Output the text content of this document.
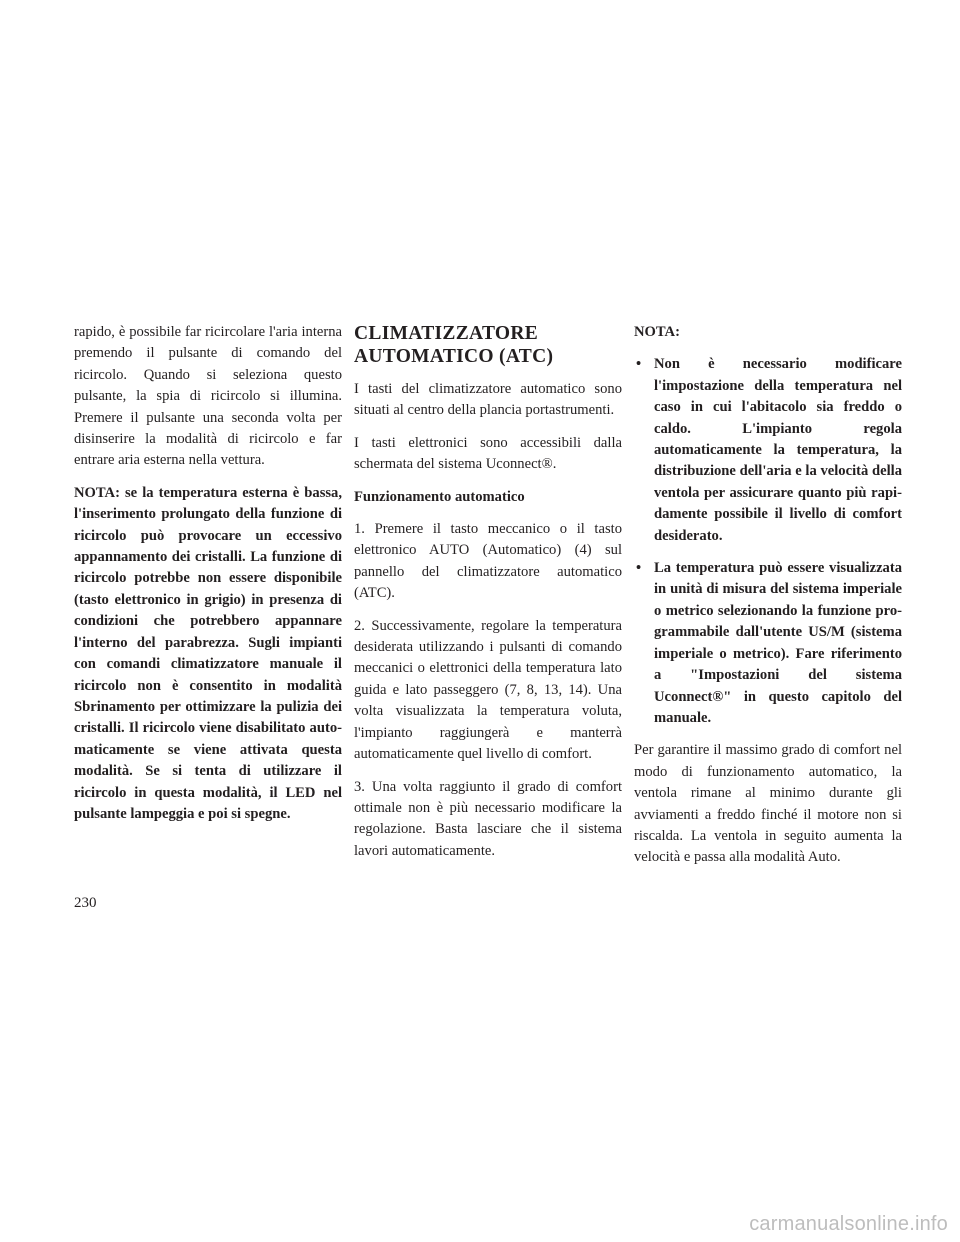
rapido, è possibile far ricircolare l'aria interna premendo il pulsante di comando del ricircolo. Quando si seleziona questo pulsante, la spia di ricircolo si illumina. Premere il pulsante una seconda volta per disinserire la modalità di ricircolo e far entrare aria esterna nella vettura.

NOTA: se la temperatura esterna è bassa, l'inserimento prolungato della funzione di ricircolo può provocare un eccessivo appannamento dei cristalli. La funzione di ricircolo potrebbe non essere disponibile (tasto elettronico in grigio) in presenza di condizioni che potrebbero appannare l'interno del parabrezza. Sugli impianti con comandi climatizzatore manuale il ricircolo non è consentito in modalità Sbrinamento per ottimizzare la pulizia dei cristalli. Il ricircolo viene disabilitato automaticamente se viene attivata questa modalità. Se si tenta di utilizzare il ricircolo in questa modalità, il LED nel pulsante lampeggia e poi si spegne.

CLIMATIZZATORE
AUTOMATICO (ATC)

I tasti del climatizzatore automatico sono situati al centro della plancia portastrumenti.

I tasti elettronici sono accessibili dalla schermata del sistema Uconnect®.

Funzionamento automatico

1. Premere il tasto meccanico o il tasto elettronico AUTO (Automatico) (4) sul pannello del climatizzatore automatico (ATC).

2. Successivamente, regolare la temperatura desiderata utilizzando i pulsanti di comando meccanici o elettronici della temperatura lato guida e lato passeggero (7, 8, 13, 14). Una volta visualizzata la temperatura voluta, l'impianto raggiungerà e manterrà automaticamente quel livello di comfort.

3. Una volta raggiunto il grado di comfort ottimale non è più necessario modificare la regolazione. Basta lasciare che il sistema lavori automaticamente.

NOTA:
• Non è necessario modificare l'impostazione della temperatura nel caso in cui l'abitacolo sia freddo o caldo. L'impianto regola automaticamente la temperatura, la distribuzione dell'aria e la velocità della ventola per assicurare quanto più rapidamente possibile il livello di comfort desiderato.
• La temperatura può essere visualizzata in unità di misura del sistema imperiale o metrico selezionando la funzione programmabile dall'utente US/M (sistema imperiale o metrico). Fare riferimento a "Impostazioni del sistema Uconnect®" in questo capitolo del manuale.

Per garantire il massimo grado di comfort nel modo di funzionamento automatico, la ventola rimane al minimo durante gli avviamenti a freddo finché il motore non si riscalda. La ventola in seguito aumenta la velocità e passa alla modalità Auto.

230
carmanualsonline.info
